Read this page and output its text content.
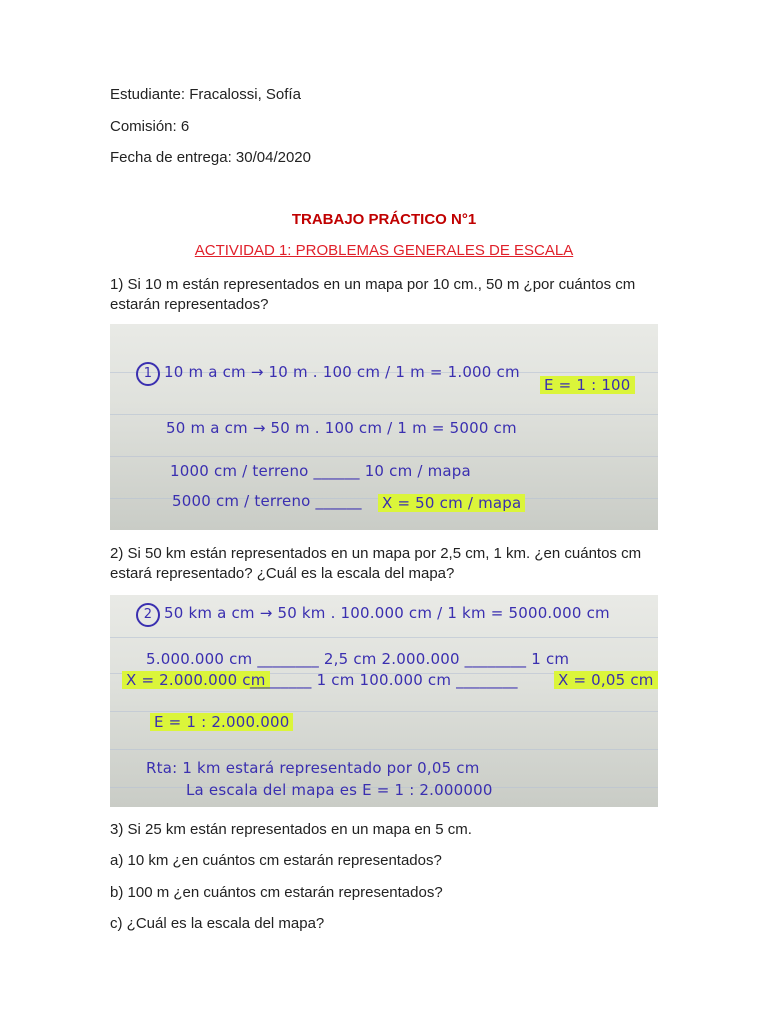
Estudiante: Fracalossi, Sofía
Comisión: 6
Fecha de entrega: 30/04/2020
TRABAJO PRÁCTICO N°1
ACTIVIDAD 1: PROBLEMAS GENERALES DE ESCALA
1) Si 10 m están representados en un mapa por 10 cm., 50 m ¿por cuántos cm estarán representados?
1 10 m a cm → 10 m . 100 cm / 1 m = 1.000 cm
E = 1 : 100
50 m a cm → 50 m . 100 cm / 1 m = 5000 cm
1000 cm / terreno ______ 10 cm / mapa
5000 cm / terreno ______ X = 50 cm / mapa
2) Si 50 km están representados en un mapa por 2,5 cm, 1 km. ¿en cuántos cm estará representado? ¿Cuál es la escala del mapa?
2 50 km a cm → 50 km . 100.000 cm / 1 km = 5000.000 cm
5.000.000 cm ________ 2,5 cm 2.000.000 ________ 1 cm
X = 2.000.000 cm
________ 1 cm 100.000 cm ________	X = 0,05 cm
E = 1 : 2.000.000
Rta: 1 km estará representado por 0,05 cm
La escala del mapa es E = 1 : 2.000000
3) Si 25 km están representados en un mapa en 5 cm.
a) 10 km ¿en cuántos cm estarán representados?
b) 100 m ¿en cuántos cm estarán representados?
c) ¿Cuál es la escala del mapa?
